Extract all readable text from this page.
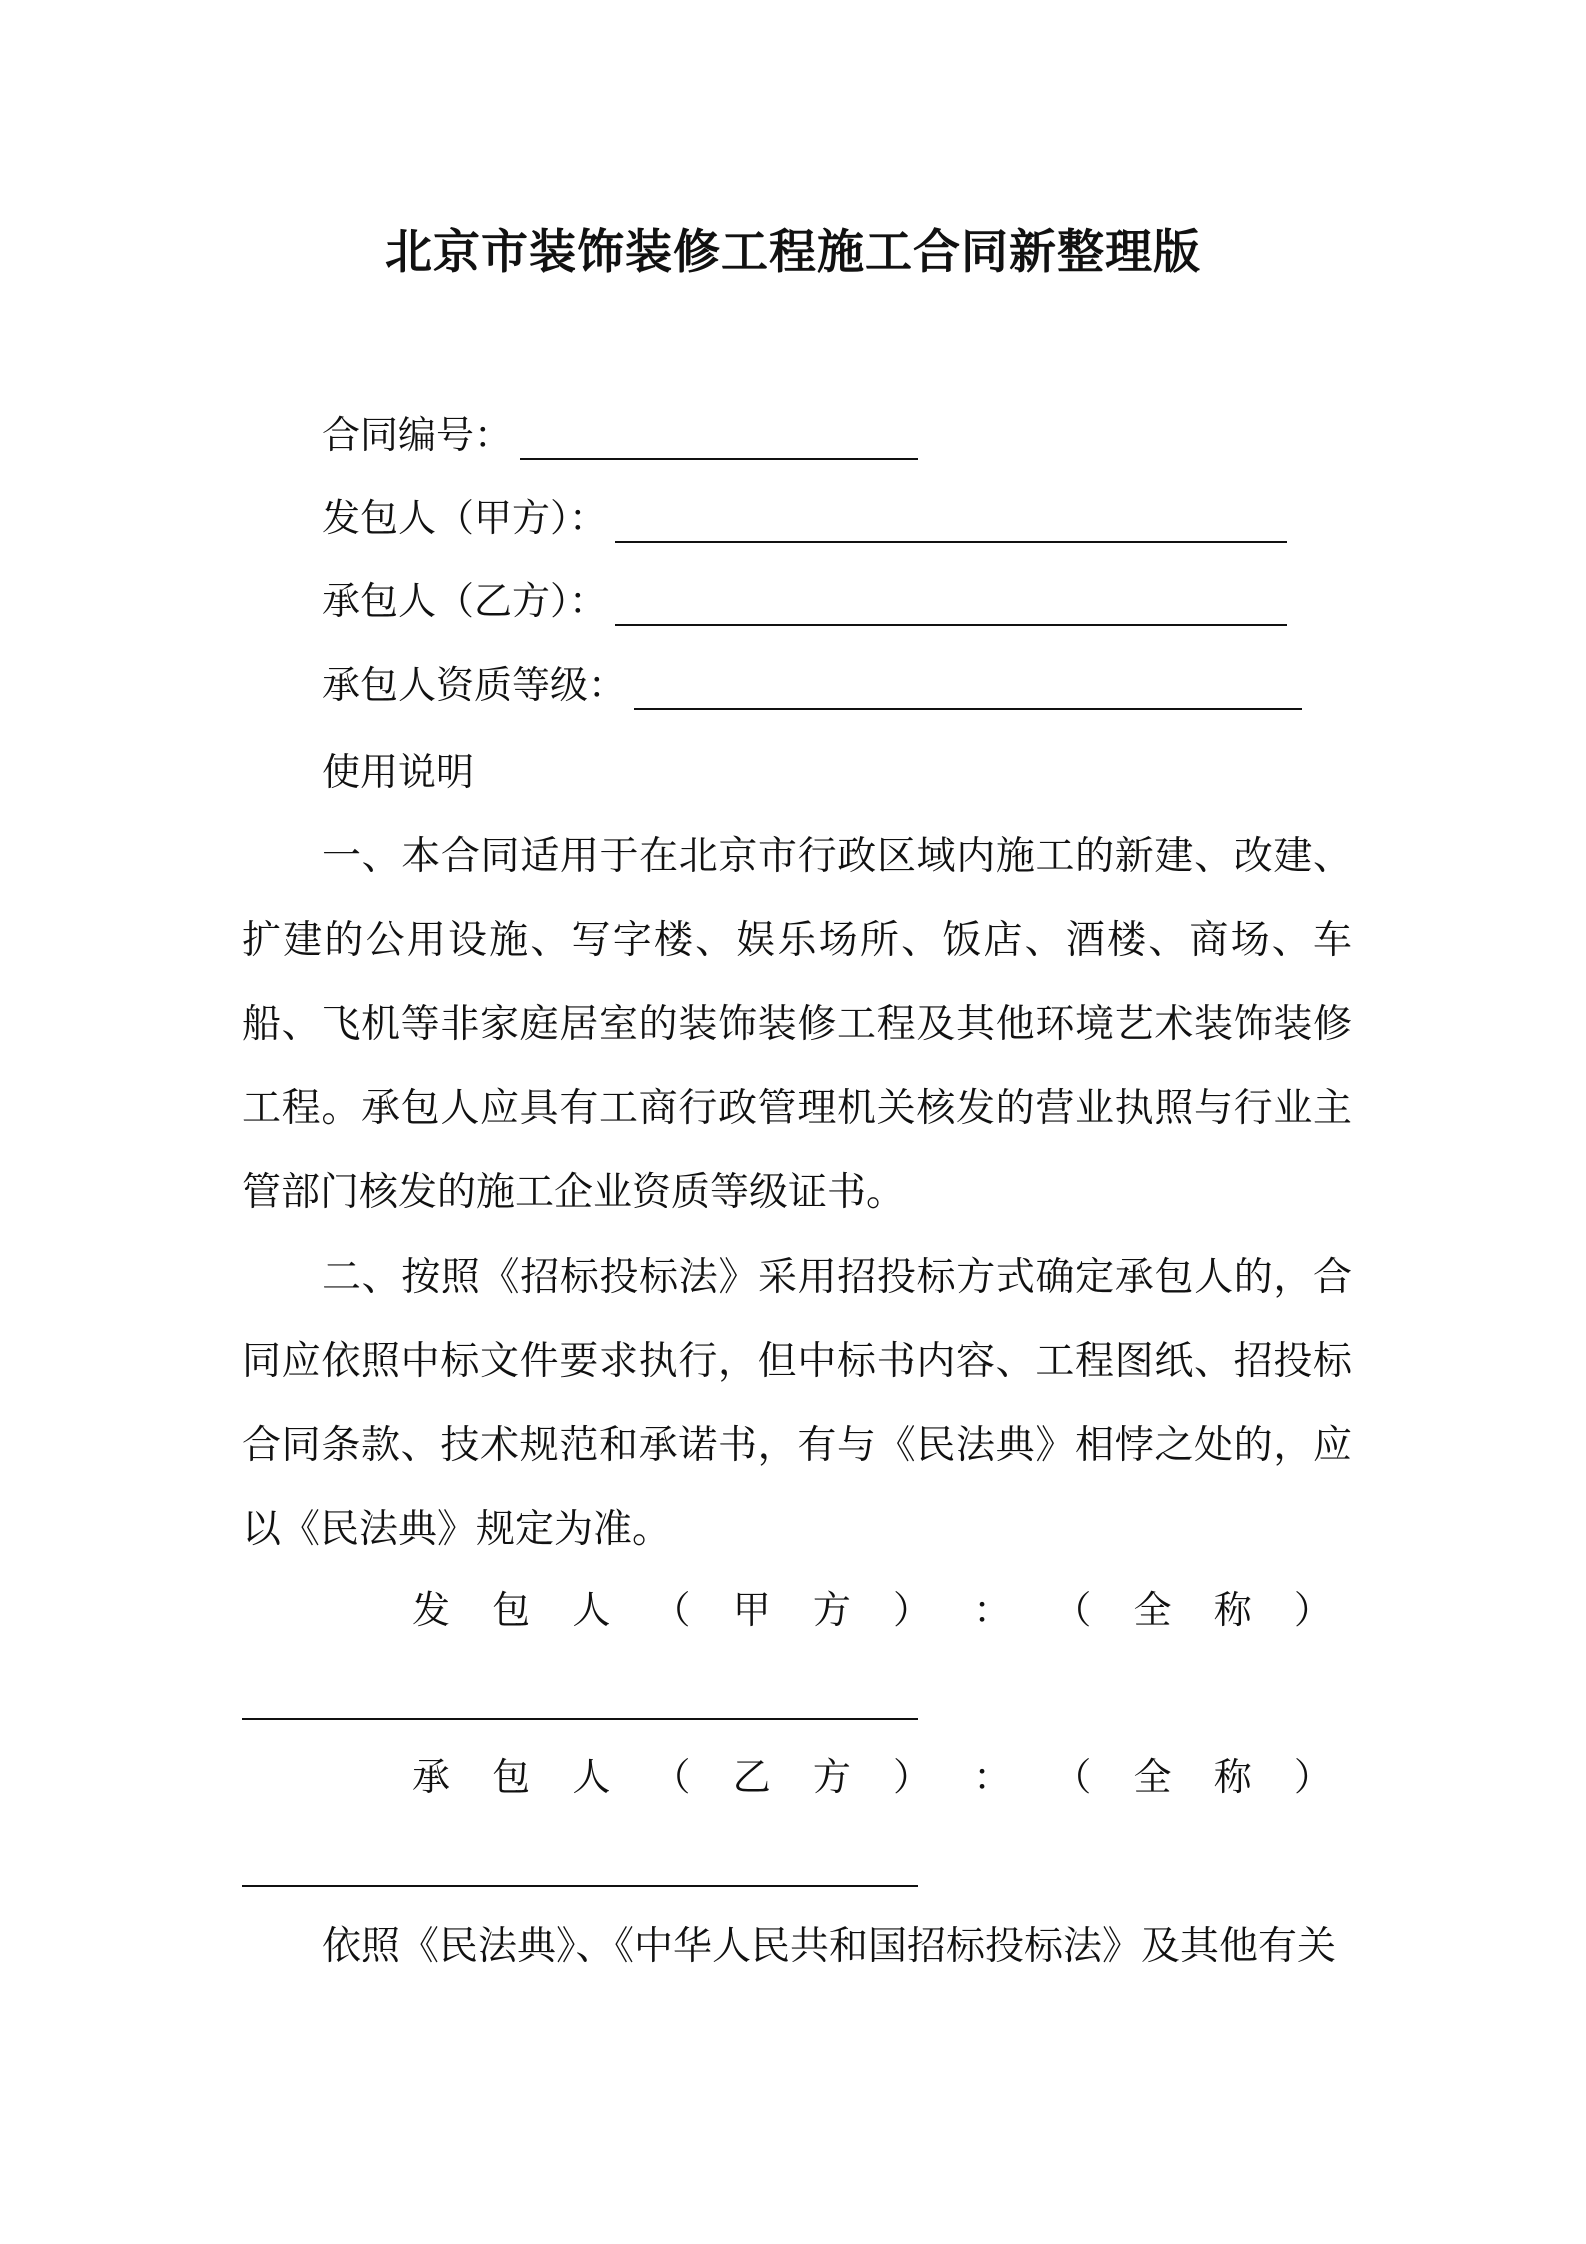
北京市装饰装修工程施工合同新整理版
合同编号：
发包人（甲方）：
承包人（乙方）：
承包人资质等级：
使用说明
一、本合同适用于在北京市行政区域内施工的新建、改建、扩建的公用设施、写字楼、娱乐场所、饭店、酒楼、商场、车船、飞机等非家庭居室的装饰装修工程及其他环境艺术装饰装修工程。承包人应具有工商行政管理机关核发的营业执照与行业主管部门核发的施工企业资质等级证书。
二、按照《招标投标法》采用招投标方式确定承包人的，合同应依照中标文件要求执行，但中标书内容、工程图纸、招投标合同条款、技术规范和承诺书，有与《民法典》相悖之处的，应以《民法典》规定为准。
发 包 人 （ 甲 方 ） ： （ 全 称 ）
承 包 人 （ 乙 方 ） ： （ 全 称 ）
依照《民法典》、《中华人民共和国招标投标法》及其他有关
